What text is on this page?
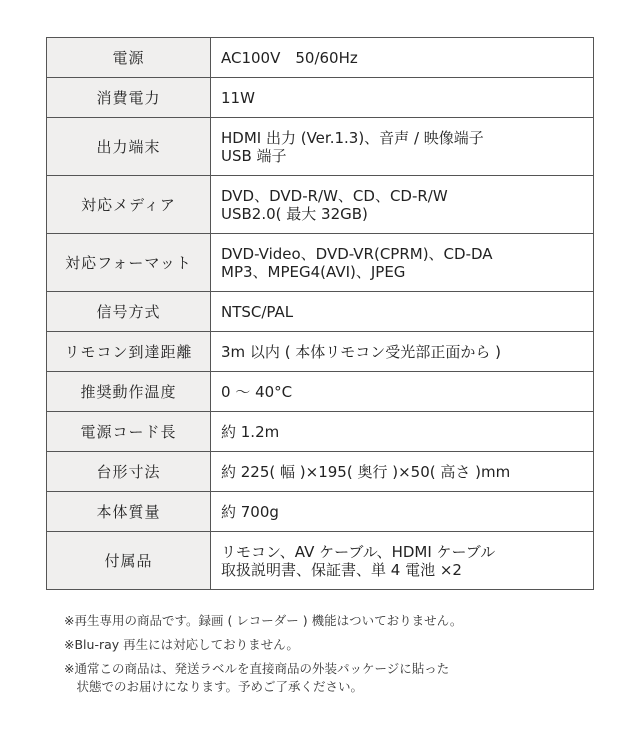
電源	AC100V　50/60Hz

消費電力	11W

出力端末	HDMI 出力 (Ver.1.3)、音声 / 映像端子
USB 端子

対応メディア	DVD、DVD-R/W、CD、CD-R/W
USB2.0( 最大 32GB)

対応フォーマット	DVD-Video、DVD-VR(CPRM)、CD-DA
MP3、MPEG4(AVI)、JPEG

信号方式	NTSC/PAL

リモコン到達距離	3m 以内 ( 本体リモコン受光部正面から )

推奨動作温度	0 〜 40°C

電源コード長	約 1.2m

台形寸法	約 225( 幅 )×195( 奥行 )×50( 高さ )mm

本体質量	約 700g

付属品	リモコン、AV ケーブル、HDMI ケーブル
取扱説明書、保証書、単 4 電池 ×2

※再生専用の商品です。録画 ( レコーダー ) 機能はついておりません。

※Blu-ray 再生には対応しておりません。

※通常この商品は、発送ラベルを直接商品の外装パッケージに貼った
　状態でのお届けになります。予めご了承ください。
